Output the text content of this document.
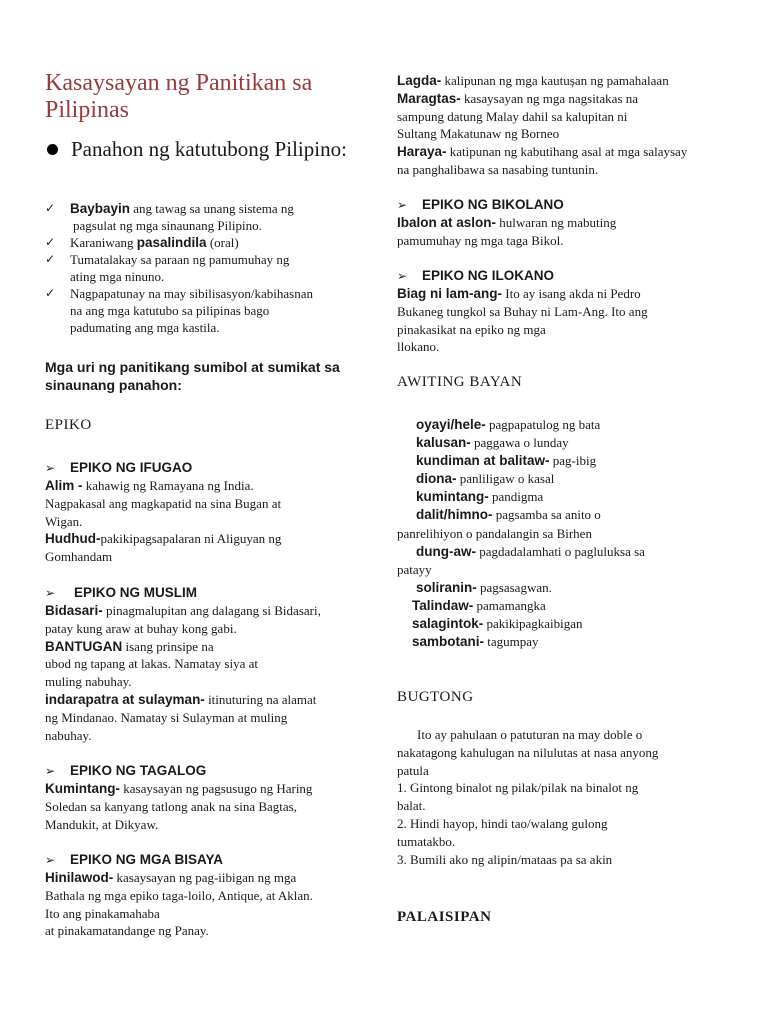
Kasaysayan ng Panitikan sa Pilipinas
Panahon ng katutubong Pilipino:
✓ Baybayin ang tawag sa unang sistema ng
pagsulat ng mga sinaunang Pilipino.
✓ Karaniwang pasalindila (oral)
✓ Tumatalakay sa paraan ng pamumuhay ng
ating mga ninuno.
✓ Nagpapatunay na may sibilisasyon/kabihasnan
na ang mga katutubo sa pilipinas bago
padumating ang mga kastila.
Mga uri ng panitikang sumibol at sumikat sa sinaunang panahon:
EPIKO
➢ EPIKO NG IFUGAO
Alim - kahawig ng Ramayana ng India.
Nagpakasal ang magkapatid na sina Bugan at
Wigan.
Hudhud-pakikipagsapalaran ni Aliguyan ng
Gomhandam
➢ EPIKO NG MUSLIM
Bidasari- pinagmalupitan ang dalagang si Bidasari,
patay kung araw at buhay kong gabi.
BANTUGAN isang prinsipe na
ubod ng tapang at lakas. Namatay siya at
muling nabuhay.
indarapatra at sulayman- itinuturing na alamat
ng Mindanao. Namatay si Sulayman at muling
nabuhay.
➢ EPIKO NG TAGALOG
Kumintang- kasaysayan ng pagsusugo ng Haring
Soledan sa kanyang tatlong anak na sina Bagtas,
Mandukit, at Dikyaw.
➢ EPIKO NG MGA BISAYA
Hinilawod- kasaysayan ng pag-iibigan ng mga
Bathala ng mga epiko taga-loilo, Antique, at Aklan.
Ito ang pinakamahaba
at pinakamatandange ng Panay.
Lagda- kalipunan ng mga kautușan ng pamahalaan
Maragtas- kasaysayan ng mga nagsitakas na
sampung datung Malay dahil sa kalupitan ni
Sultang Makatunaw ng Borneo
Haraya- katipunan ng kabutihang asal at mga salaysay
na panghalibawa sa nasabing tuntunin.
➢ EPIKO NG BIKOLANO
Ibalon at aslon- hulwaran ng mabuting
pamumuhay ng mga taga Bikol.
➢ EPIKO NG ILOKANO
Biag ni lam-ang- Ito ay isang akda ni Pedro
Bukaneg tungkol sa Buhay ni Lam-Ang. Ito ang
pinakasikat na epiko ng mga
llokano.
AWITING BAYAN
oyayi/hele- pagpapatulog ng bata
kalusan- paggawa o lunday
kundiman at balitaw- pag-ibig
diona- panliligaw o kasal
kumintang- pandigma
dalit/himno- pagsamba sa anito o
panrelihiyon o pandalangin sa Birhen
dung-aw- pagdadalamhati o pagluluksa sa
patayy
soliranin- pagsasagwan.
Talindaw- pamamangka
salagintok- pakikipagkaibigan
sambotani- tagumpay
BUGTONG
Ito ay pahulaan o patuturan na may doble o
nakatagong kahulugan na nilulutas at nasa anyong
patula
1. Gintong binalot ng pilak/pilak na binalot ng
balat.
2. Hindi hayop, hindi tao/walang gulong
tumatakbo.
3. Bumili ako ng alipin/mataas pa sa akin
PALAISIPAN
